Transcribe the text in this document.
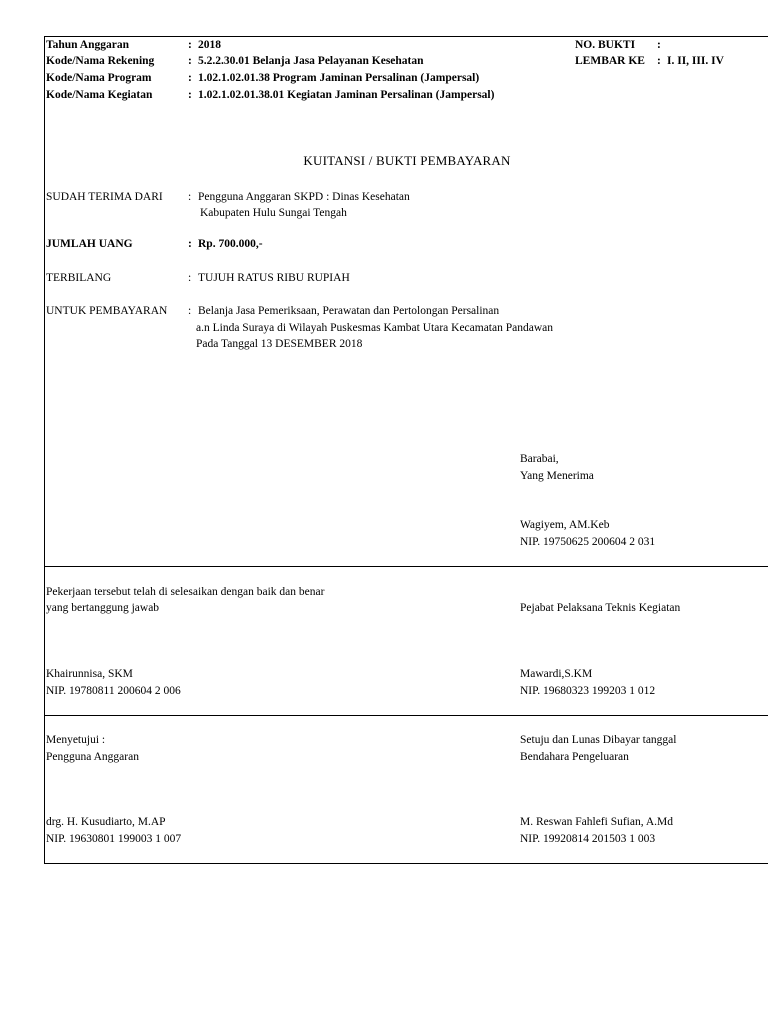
Tahun Anggaran	: 2018
Kode/Nama Rekening	: 5.2.2.30.01 Belanja Jasa Pelayanan Kesehatan
Kode/Nama Program	: 1.02.1.02.01.38 Program Jaminan Persalinan (Jampersal)
Kode/Nama Kegiatan	: 1.02.1.02.01.38.01 Kegiatan Jaminan Persalinan (Jampersal)
NO. BUKTI :
LEMBAR KE : I. II, III. IV
KUITANSI / BUKTI PEMBAYARAN
SUDAH TERIMA DARI : Pengguna Anggaran SKPD : Dinas Kesehatan
Kabupaten Hulu Sungai Tengah
JUMLAH UANG	: Rp. 700.000,-
TERBILANG	: TUJUH RATUS RIBU RUPIAH
UNTUK PEMBAYARAN : Belanja Jasa Pemeriksaan, Perawatan dan Pertolongan Persalinan
a.n Linda Suraya di Wilayah Puskesmas Kambat Utara Kecamatan Pandawan
Pada Tanggal 13 DESEMBER 2018
Barabai,
Yang Menerima
Wagiyem, AM.Keb
NIP. 19750625 200604 2 031
Pekerjaan tersebut telah di selesaikan dengan baik dan benar
yang bertanggung jawab	Pejabat Pelaksana Teknis Kegiatan
Khairunnisa, SKM
NIP. 19780811 200604 2 006
Mawardi,S.KM
NIP. 19680323 199203 1 012
Menyetujui :
Pengguna Anggaran
Setuju dan Lunas Dibayar tanggal
Bendahara Pengeluaran
drg. H. Kusudiarto, M.AP
NIP. 19630801 199003 1 007
M. Reswan Fahlefi Sufian, A.Md
NIP. 19920814 201503 1 003
